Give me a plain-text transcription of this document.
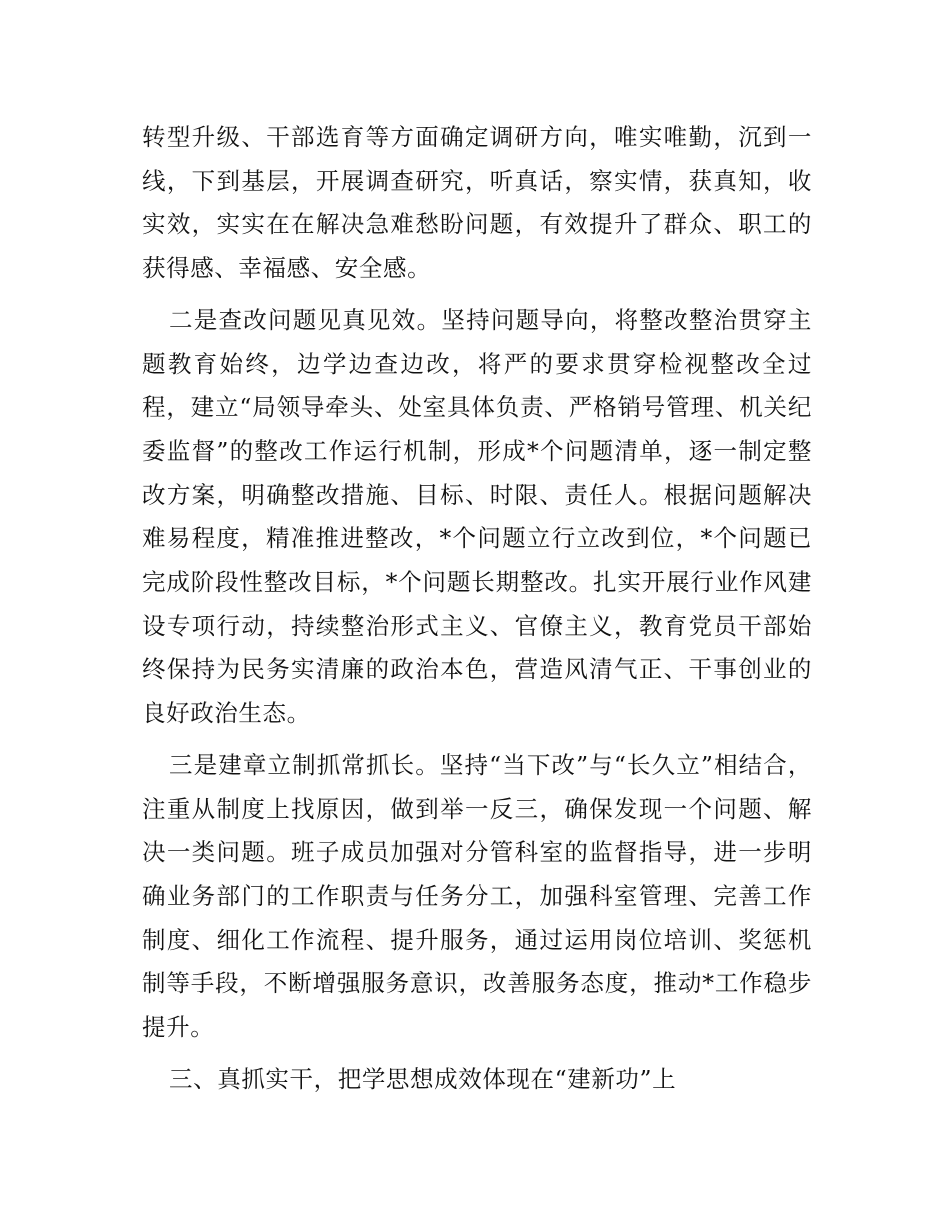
转型升级、干部选育等方面确定调研方向，唯实唯勤，沉到一线，下到基层，开展调查研究，听真话，察实情，获真知，收实效，实实在在解决急难愁盼问题，有效提升了群众、职工的获得感、幸福感、安全感。

二是查改问题见真见效。坚持问题导向，将整改整治贯穿主题教育始终，边学边查边改，将严的要求贯穿检视整改全过程，建立“局领导牵头、处室具体负责、严格销号管理、机关纪委监督”的整改工作运行机制，形成*个问题清单，逐一制定整改方案，明确整改措施、目标、时限、责任人。根据问题解决难易程度，精准推进整改，*个问题立行立改到位，*个问题已完成阶段性整改目标，*个问题长期整改。扎实开展行业作风建设专项行动，持续整治形式主义、官僚主义，教育党员干部始终保持为民务实清廉的政治本色，营造风清气正、干事创业的良好政治生态。

三是建章立制抓常抓长。坚持“当下改”与“长久立”相结合，注重从制度上找原因，做到举一反三，确保发现一个问题、解决一类问题。班子成员加强对分管科室的监督指导，进一步明确业务部门的工作职责与任务分工，加强科室管理、完善工作制度、细化工作流程、提升服务，通过运用岗位培训、奖惩机制等手段，不断增强服务意识，改善服务态度，推动*工作稳步提升。

三、真抓实干，把学思想成效体现在“建新功”上
